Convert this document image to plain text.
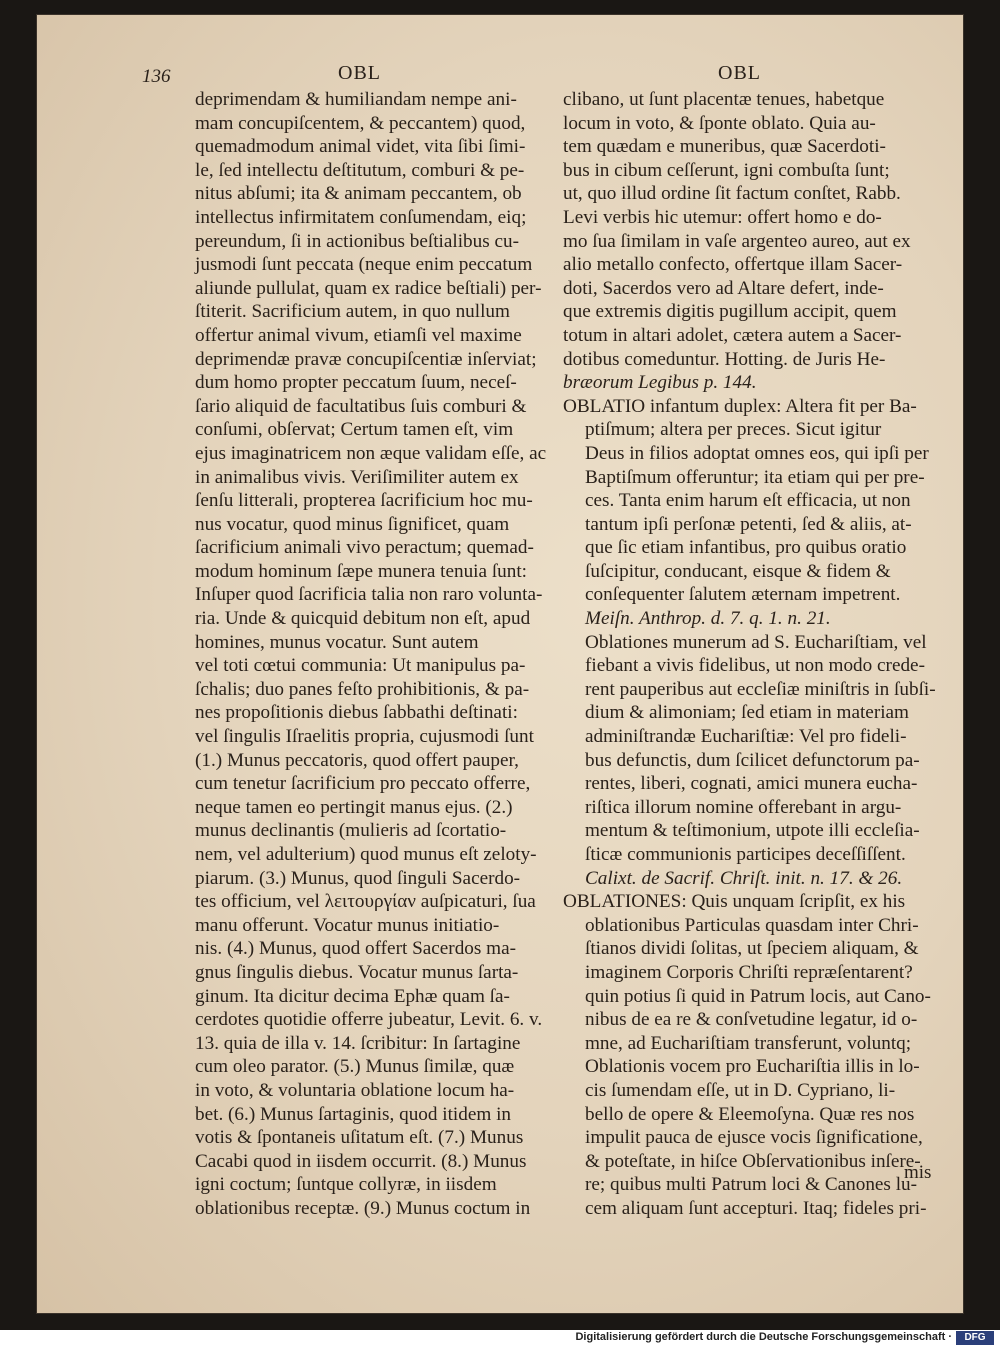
136	OBL	OBL
deprimendam & humiliandam nempe ani-
mam concupiſcentem, & peccantem) quod,
quemadmodum animal videt, vita ſibi ſimi-
le, ſed intellectu deſtitutum, comburi & pe-
nitus abſumi; ita & animam peccantem, ob
intellectus infirmitatem conſumendam, eiq;
pereundum, ſi in actionibus beſtialibus cu-
jusmodi ſunt peccata (neque enim peccatum
aliunde pullulat, quam ex radice beſtiali) per-
ſtiterit. Sacrificium autem, in quo nullum
offertur animal vivum, etiamſi vel maxime
deprimendæ pravæ concupiſcentiæ inſerviat;
dum homo propter peccatum ſuum, neceſ-
ſario aliquid de facultatibus ſuis comburi &
conſumi, obſervat; Certum tamen eſt, vim
ejus imaginatricem non æque validam eſſe, ac
in animalibus vivis. Veriſimiliter autem ex
ſenſu litterali, propterea ſacrificium hoc mu-
nus vocatur, quod minus ſignificet, quam
ſacrificium animali vivo peractum; quemad-
modum hominum ſæpe munera tenuia ſunt:
Inſuper quod ſacrificia talia non raro volunta-
ria. Unde & quicquid debitum non eſt, apud
homines, munus vocatur. Sunt autem
vel toti cœtui communia: Ut manipulus pa-
ſchalis; duo panes feſto prohibitionis, & pa-
nes propoſitionis diebus ſabbathi deſtinati:
vel ſingulis Iſraelitis propria, cujusmodi ſunt
(1.) Munus peccatoris, quod offert pauper,
cum tenetur ſacrificium pro peccato offerre,
neque tamen eo pertingit manus ejus. (2.)
munus declinantis (mulieris ad ſcortatio-
nem, vel adulterium) quod munus eſt zeloty-
piarum. (3.) Munus, quod ſinguli Sacerdo-
tes officium, vel λειτουργίαν auſpicaturi, ſua
manu offerunt. Vocatur munus initiatio-
nis. (4.) Munus, quod offert Sacerdos ma-
gnus ſingulis diebus. Vocatur munus ſarta-
ginum. Ita dicitur decima Ephæ quam ſa-
cerdotes quotidie offerre jubeatur, Levit. 6. v.
13. quia de illa v. 14. ſcribitur: In ſartagine
cum oleo parator. (5.) Munus ſimilæ, quæ
in voto, & voluntaria oblatione locum ha-
bet. (6.) Munus ſartaginis, quod itidem in
votis & ſpontaneis uſitatum eſt. (7.) Munus
Cacabi quod in iisdem occurrit. (8.) Munus
igni coctum; ſuntque collyræ, in iisdem
oblationibus receptæ. (9.) Munus coctum in
clibano, ut ſunt placentæ tenues, habetque
locum in voto, & ſponte oblato. Quia au-
tem quædam e muneribus, quæ Sacerdoti-
bus in cibum ceſſerunt, igni combuſta ſunt;
ut, quo illud ordine ſit factum conſtet, Rabb.
Levi verbis hic utemur: offert homo e do-
mo ſua ſimilam in vaſe argenteo aureo, aut ex
alio metallo confecto, offertque illam Sacer-
doti, Sacerdos vero ad Altare defert, inde-
que extremis digitis pugillum accipit, quem
totum in altari adolet, cætera autem a Sacer-
dotibus comeduntur. Hotting. de Juris He-
bræorum Legibus p. 144.
OBLATIO infantum duplex: Altera fit per Ba-
ptiſmum; altera per preces. Sicut igitur
Deus in filios adoptat omnes eos, qui ipſi per
Baptiſmum offeruntur; ita etiam qui per pre-
ces. Tanta enim harum eſt efficacia, ut non
tantum ipſi perſonæ petenti, ſed & aliis, at-
que ſic etiam infantibus, pro quibus oratio
ſuſcipitur, conducant, eisque & fidem &
conſequenter ſalutem æternam impetrent.
Meiſn. Anthrop. d. 7. q. 1. n. 21.
Oblationes munerum ad S. Euchariſtiam, vel
fiebant a vivis fidelibus, ut non modo crede-
rent pauperibus aut eccleſiæ miniſtris in ſubſi-
dium & alimoniam; ſed etiam in materiam
adminiſtrandæ Euchariſtiæ: Vel pro fideli-
bus defunctis, dum ſcilicet defunctorum pa-
rentes, liberi, cognati, amici munera eucha-
riſtica illorum nomine offerebant in argu-
mentum & teſtimonium, utpote illi eccleſia-
ſticæ communionis participes deceſſiſſent.
Calixt. de Sacrif. Chriſt. init. n. 17. & 26.
OBLATIONES: Quis unquam ſcripſit, ex his
oblationibus Particulas quasdam inter Chri-
ſtianos dividi ſolitas, ut ſpeciem aliquam, &
imaginem Corporis Chriſti repræſentarent?
quin potius ſi quid in Patrum locis, aut Cano-
nibus de ea re & conſvetudine legatur, id o-
mne, ad Euchariſtiam transferunt, voluntq;
Oblationis vocem pro Euchariſtia illis in lo-
cis ſumendam eſſe, ut in D. Cypriano, li-
bello de opere & Eleemoſyna. Quæ res nos
impulit pauca de ejusce vocis ſignificatione,
& poteſtate, in hiſce Obſervationibus inſere-
re; quibus multi Patrum loci & Canones lu-
cem aliquam ſunt accepturi. Itaq; fideles pri-
mis
Digitalisierung gefördert durch die Deutsche Forschungsgemeinschaft ·	DFG
